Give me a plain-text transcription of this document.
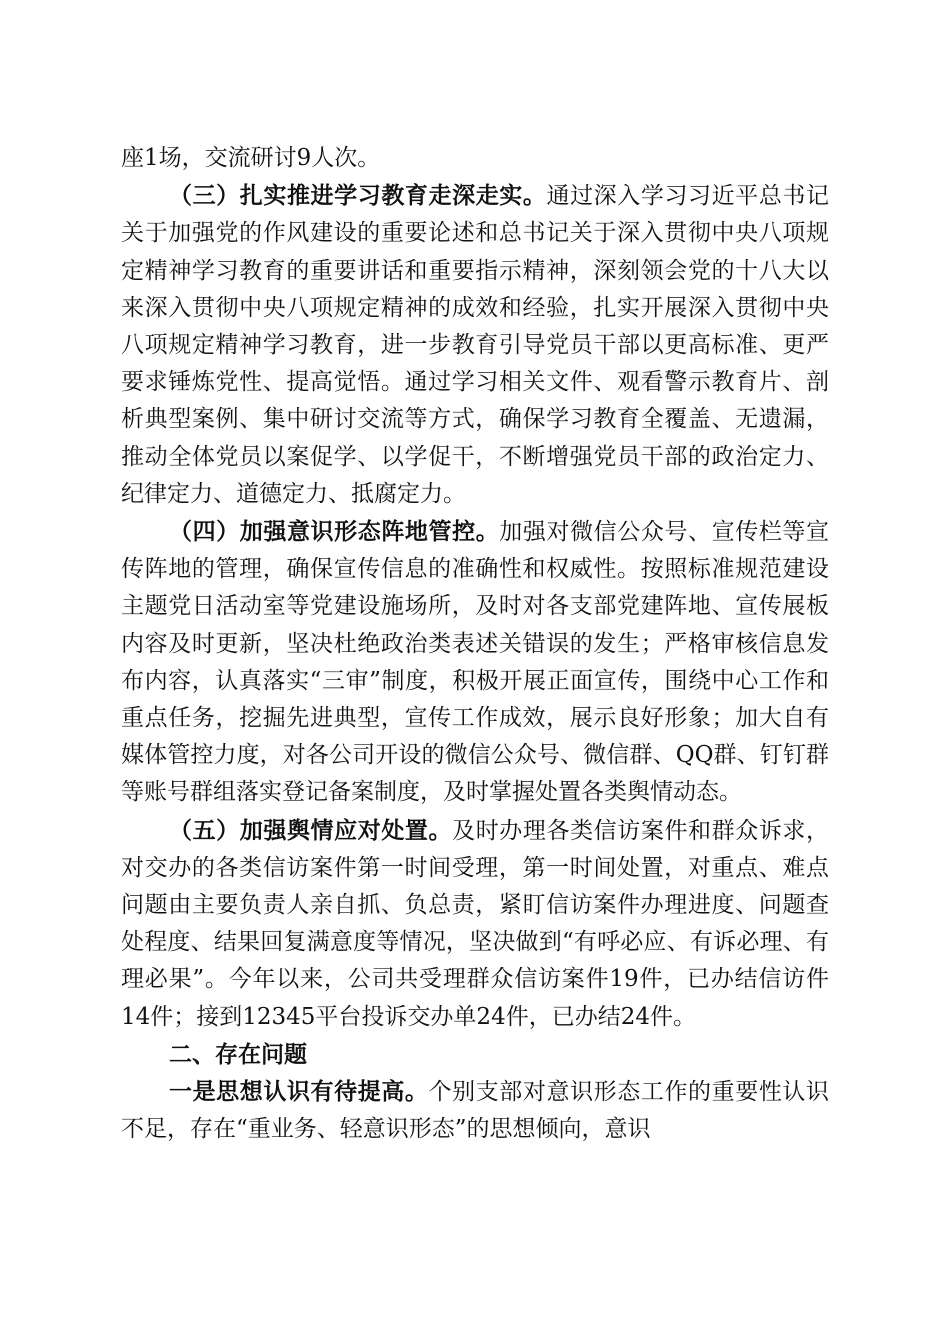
座1场，交流研讨9人次。

（三）扎实推进学习教育走深走实。通过深入学习习近平总书记关于加强党的作风建设的重要论述和总书记关于深入贯彻中央八项规定精神学习教育的重要讲话和重要指示精神，深刻领会党的十八大以来深入贯彻中央八项规定精神的成效和经验，扎实开展深入贯彻中央八项规定精神学习教育，进一步教育引导党员干部以更高标准、更严要求锤炼党性、提高觉悟。通过学习相关文件、观看警示教育片、剖析典型案例、集中研讨交流等方式，确保学习教育全覆盖、无遗漏，推动全体党员以案促学、以学促干，不断增强党员干部的政治定力、纪律定力、道德定力、抵腐定力。

（四）加强意识形态阵地管控。加强对微信公众号、宣传栏等宣传阵地的管理，确保宣传信息的准确性和权威性。按照标准规范建设主题党日活动室等党建设施场所，及时对各支部党建阵地、宣传展板内容及时更新，坚决杜绝政治类表述关错误的发生；严格审核信息发布内容，认真落实“三审”制度，积极开展正面宣传，围绕中心工作和重点任务，挖掘先进典型，宣传工作成效，展示良好形象；加大自有媒体管控力度，对各公司开设的微信公众号、微信群、QQ群、钉钉群等账号群组落实登记备案制度，及时掌握处置各类舆情动态。

（五）加强舆情应对处置。及时办理各类信访案件和群众诉求，对交办的各类信访案件第一时间受理，第一时间处置，对重点、难点问题由主要负责人亲自抓、负总责，紧盯信访案件办理进度、问题查处程度、结果回复满意度等情况，坚决做到“有呼必应、有诉必理、有理必果”。今年以来，公司共受理群众信访案件19件，已办结信访件14件；接到12345平台投诉交办单24件，已办结24件。

二、存在问题

一是思想认识有待提高。个别支部对意识形态工作的重要性认识不足，存在“重业务、轻意识形态”的思想倾向，意识
